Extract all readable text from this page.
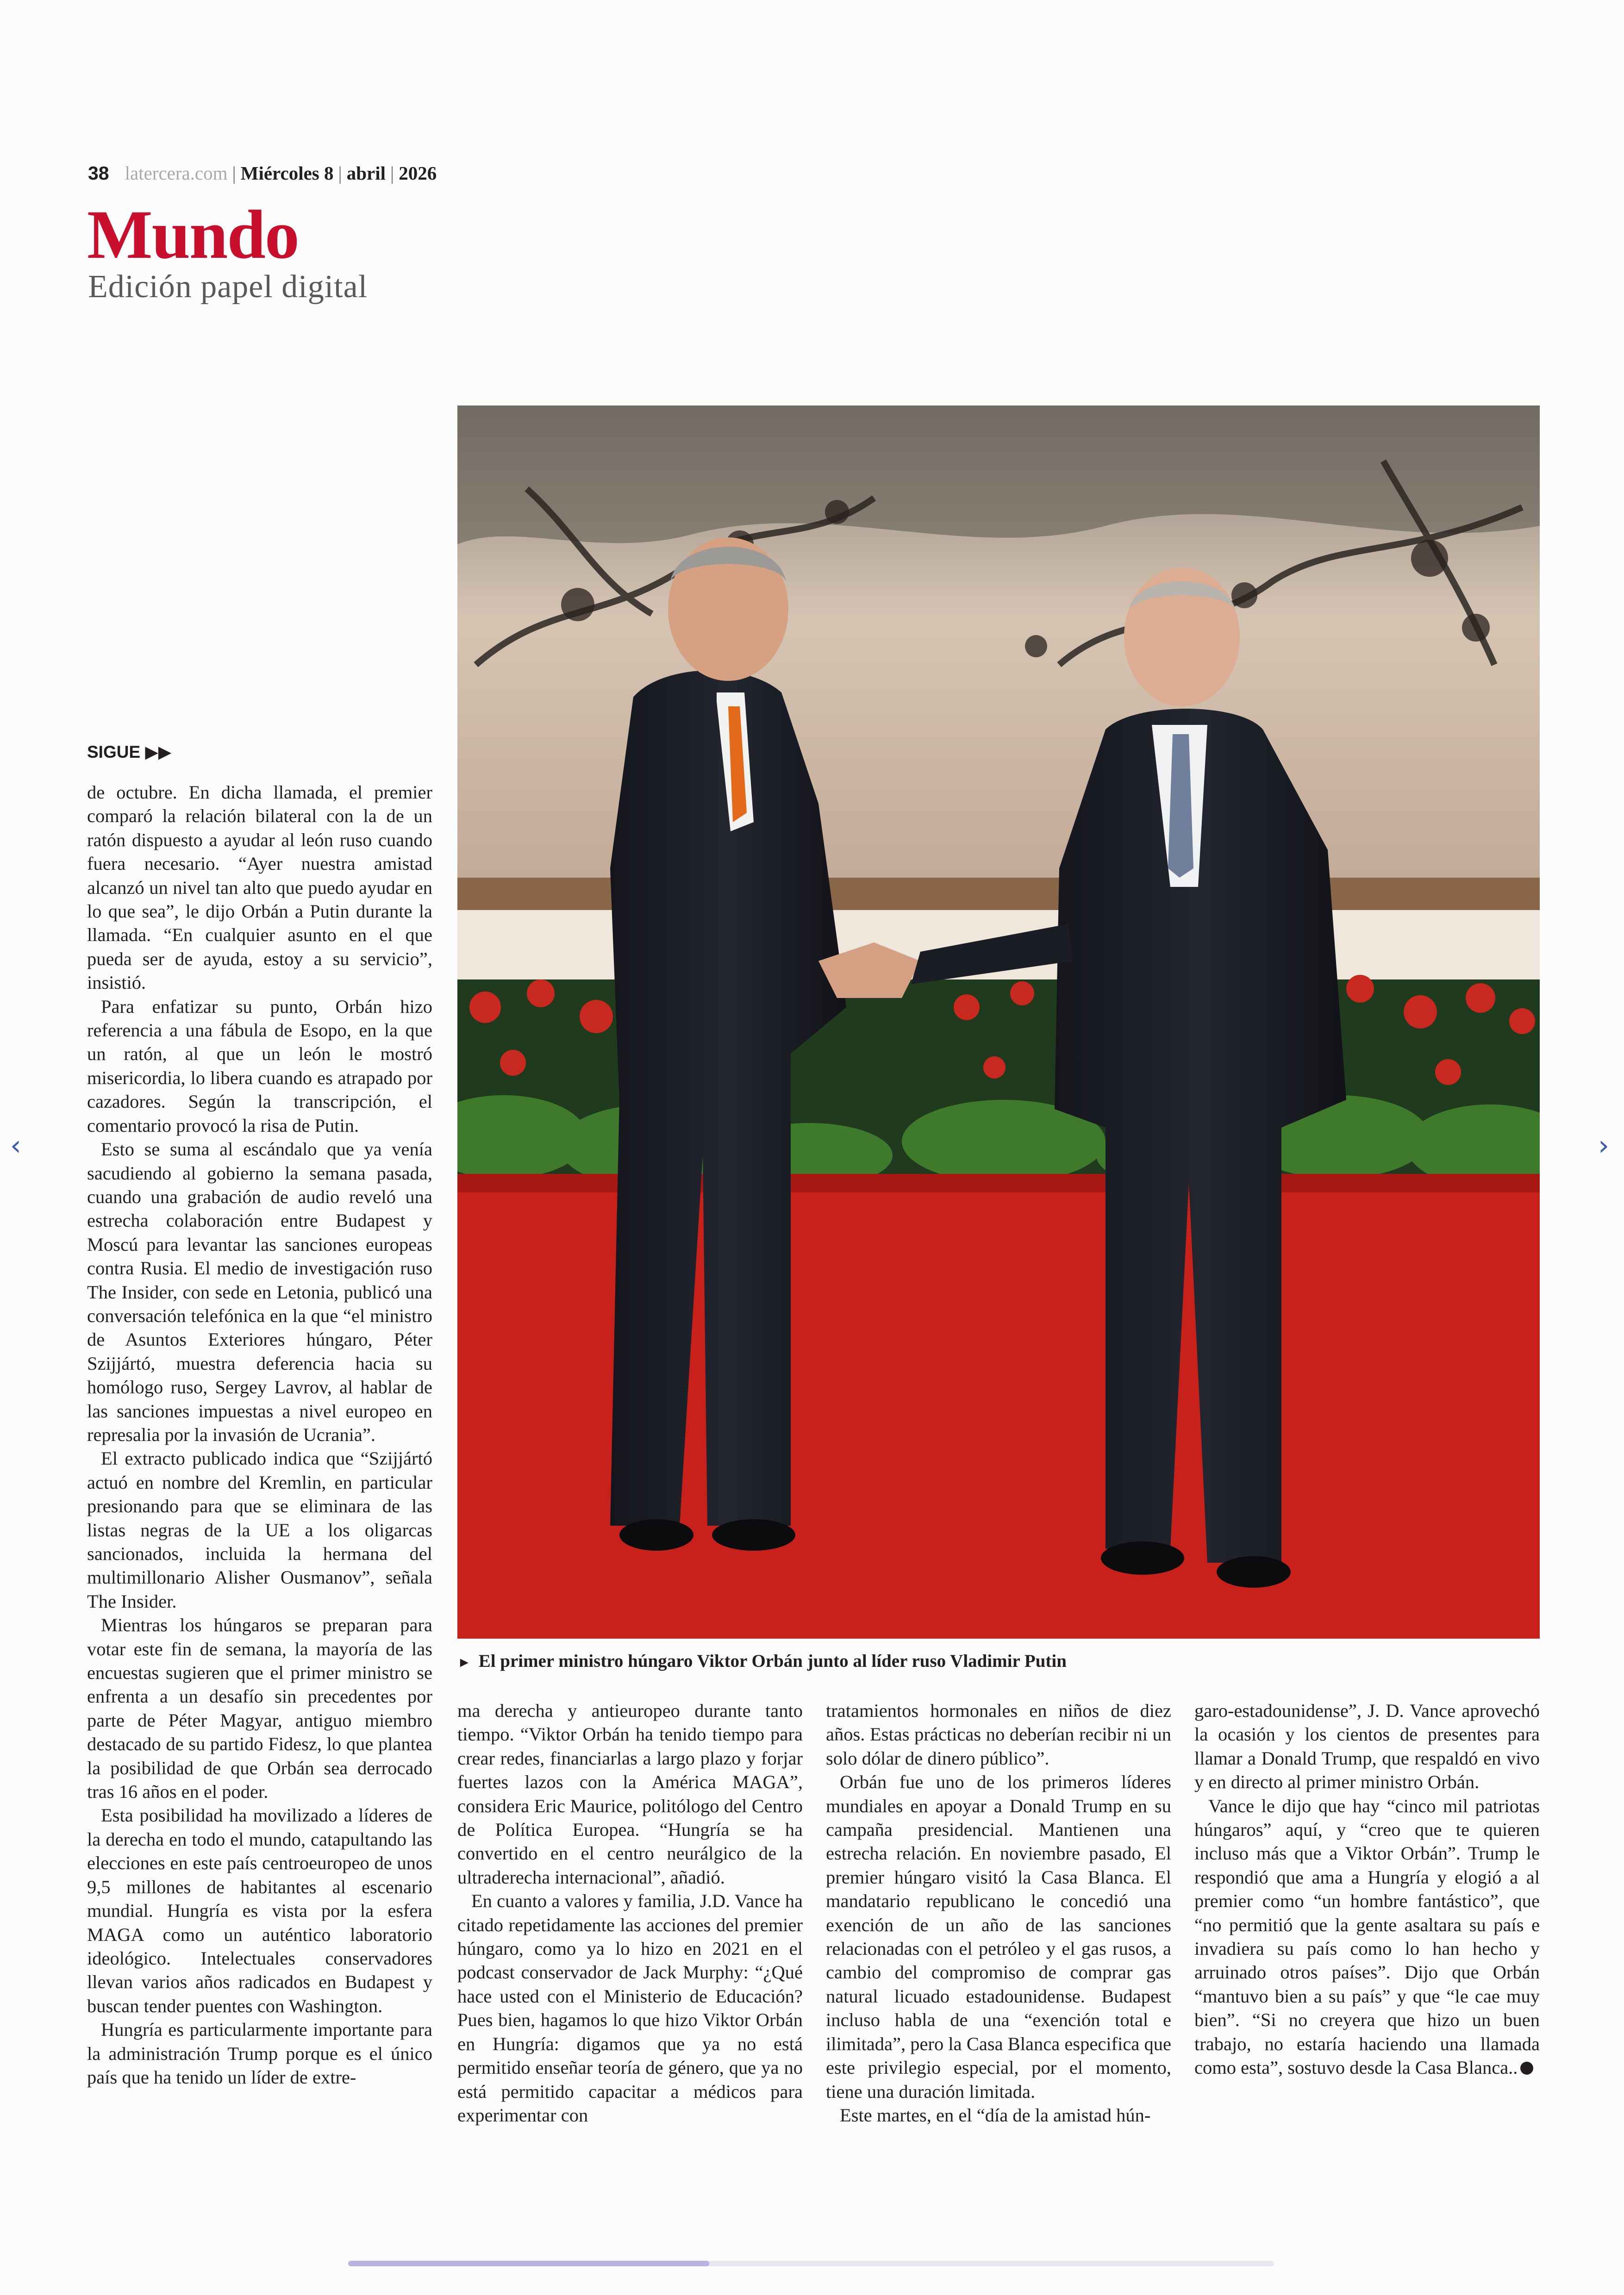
38 latercera.com | Miércoles 8 | abril | 2026
Mundo
Edición papel digital
► El primer ministro húngaro Viktor Orbán junto al líder ruso Vladimir Putin
SIGUE ▶▶

de octubre. En dicha llamada, el premier comparó la relación bilateral con la de un ratón dispuesto a ayudar al león ruso cuando fuera necesario. “Ayer nuestra amistad alcanzó un nivel tan alto que puedo ayudar en lo que sea”, le dijo Orbán a Putin durante la llamada. “En cualquier asunto en el que pueda ser de ayuda, estoy a su servicio”, insistió.

Para enfatizar su punto, Orbán hizo referencia a una fábula de Esopo, en la que un ratón, al que un león le mostró misericordia, lo libera cuando es atrapado por cazadores. Según la transcripción, el comentario provocó la risa de Putin.

Esto se suma al escándalo que ya venía sacudiendo al gobierno la semana pasada, cuando una grabación de audio reveló una estrecha colaboración entre Budapest y Moscú para levantar las sanciones europeas contra Rusia. El medio de investigación ruso The Insider, con sede en Letonia, publicó una conversación telefónica en la que “el ministro de Asuntos Exteriores húngaro, Péter Szijjártó, muestra deferencia hacia su homólogo ruso, Sergey Lavrov, al hablar de las sanciones impuestas a nivel europeo en represalia por la invasión de Ucrania”.

El extracto publicado indica que “Szijjártó actuó en nombre del Kremlin, en particular presionando para que se eliminara de las listas negras de la UE a los oligarcas sancionados, incluida la hermana del multimillonario Alisher Ousmanov”, señala The Insider.

Mientras los húngaros se preparan para votar este fin de semana, la mayoría de las encuestas sugieren que el primer ministro se enfrenta a un desafío sin precedentes por parte de Péter Magyar, antiguo miembro destacado de su partido Fidesz, lo que plantea la posibilidad de que Orbán sea derrocado tras 16 años en el poder.

Esta posibilidad ha movilizado a líderes de la derecha en todo el mundo, catapultando las elecciones en este país centroeuropeo de unos 9,5 millones de habitantes al escenario mundial. Hungría es vista por la esfera MAGA como un auténtico laboratorio ideológico. Intelectuales conservadores llevan varios años radicados en Budapest y buscan tender puentes con Washington.

Hungría es particularmente importante para la administración Trump porque es el único país que ha tenido un líder de extre-

ma derecha y antieuropeo durante tanto tiempo. “Viktor Orbán ha tenido tiempo para crear redes, financiarlas a largo plazo y forjar fuertes lazos con la América MAGA”, considera Eric Maurice, politólogo del Centro de Política Europea. “Hungría se ha convertido en el centro neurálgico de la ultraderecha internacional”, añadió.

En cuanto a valores y familia, J.D. Vance ha citado repetidamente las acciones del premier húngaro, como ya lo hizo en 2021 en el podcast conservador de Jack Murphy: “¿Qué hace usted con el Ministerio de Educación? Pues bien, hagamos lo que hizo Viktor Orbán en Hungría: digamos que ya no está permitido enseñar teoría de género, que ya no está permitido capacitar a médicos para experimentar con

tratamientos hormonales en niños de diez años. Estas prácticas no deberían recibir ni un solo dólar de dinero público”.

Orbán fue uno de los primeros líderes mundiales en apoyar a Donald Trump en su campaña presidencial. Mantienen una estrecha relación. En noviembre pasado, El premier húngaro visitó la Casa Blanca. El mandatario republicano le concedió una exención de un año de las sanciones relacionadas con el petróleo y el gas rusos, a cambio del compromiso de comprar gas natural licuado estadounidense. Budapest incluso habla de una “exención total e ilimitada”, pero la Casa Blanca especifica que este privilegio especial, por el momento, tiene una duración limitada.

Este martes, en el “día de la amistad hún-

garo-estadounidense”, J. D. Vance aprovechó la ocasión y los cientos de presentes para llamar a Donald Trump, que respaldó en vivo y en directo al primer ministro Orbán.

Vance le dijo que hay “cinco mil patriotas húngaros” aquí, y “creo que te quieren incluso más que a Viktor Orbán”. Trump le respondió que ama a Hungría y elogió a al premier como “un hombre fantástico”, que “no permitió que la gente asaltara su país e invadiera su país como lo han hecho y arruinado otros países”. Dijo que Orbán “mantuvo bien a su país” y que “le cae muy bien”. “Si no creyera que hizo un buen trabajo, no estaría haciendo una llamada como esta”, sostuvo desde la Casa Blanca..

‹	›
